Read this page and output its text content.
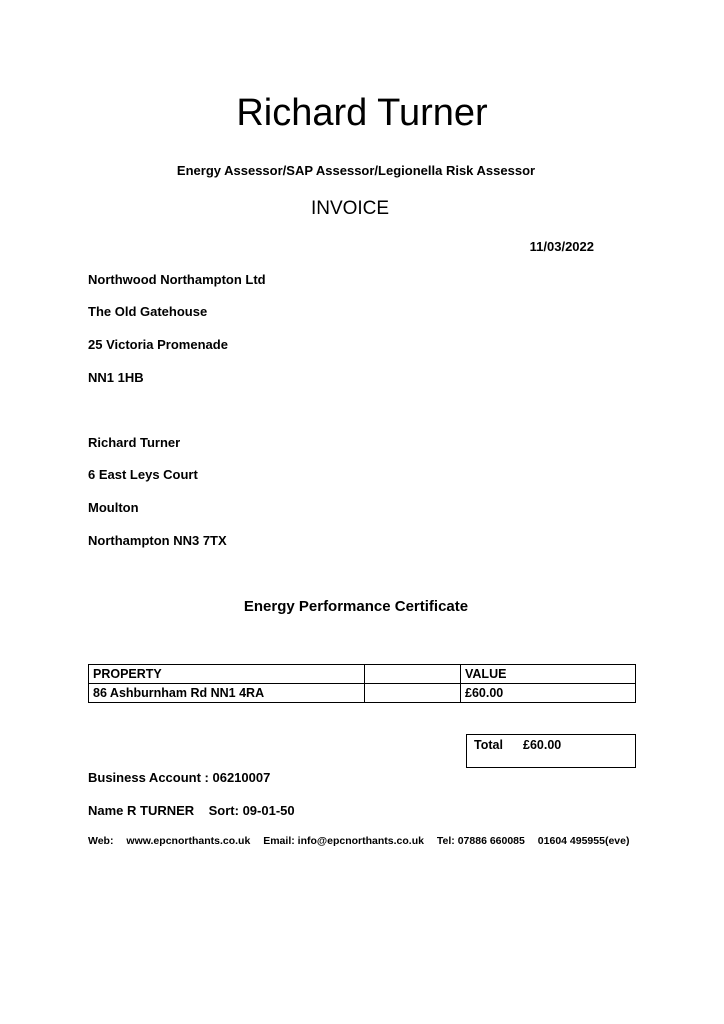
Richard Turner
Energy Assessor/SAP Assessor/Legionella Risk Assessor
INVOICE
11/03/2022
Northwood Northampton Ltd
The Old Gatehouse
25 Victoria Promenade
NN1 1HB
Richard Turner
6 East Leys Court
Moulton
Northampton NN3 7TX
Energy Performance Certificate
PROPERTY		VALUE
86 Ashburnham Rd NN1 4RA		£60.00
Total £60.00
Business Account : 06210007
Name R TURNER    Sort: 09-01-50
Web: www.epcnorthants.co.uk Email: info@epcnorthants.co.uk Tel: 07886 660085 01604 495955(eve)
